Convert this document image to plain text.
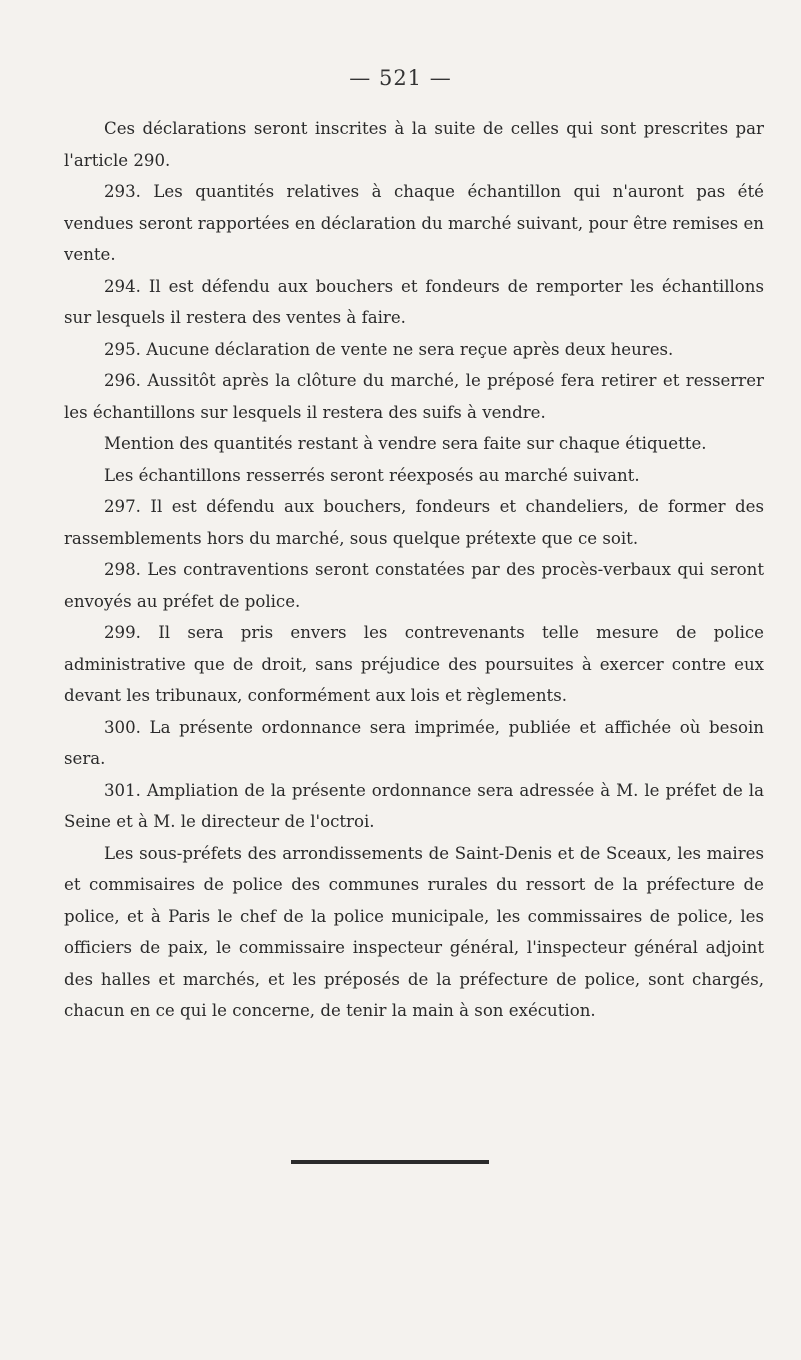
— 521 —

Ces déclarations seront inscrites à la suite de celles qui sont prescrites par l'article 290.

293. Les quantités relatives à chaque échantillon qui n'auront pas été vendues seront rapportées en déclaration du marché suivant, pour être remises en vente.

294. Il est défendu aux bouchers et fondeurs de remporter les échantillons sur lesquels il restera des ventes à faire.

295. Aucune déclaration de vente ne sera reçue après deux heures.

296. Aussitôt après la clôture du marché, le préposé fera retirer et resserrer les échantillons sur lesquels il restera des suifs à vendre.

Mention des quantités restant à vendre sera faite sur chaque étiquette.

Les échantillons resserrés seront réexposés au marché suivant.

297. Il est défendu aux bouchers, fondeurs et chandeliers, de former des rassemblements hors du marché, sous quelque prétexte que ce soit.

298. Les contraventions seront constatées par des procès-verbaux qui seront envoyés au préfet de police.

299. Il sera pris envers les contrevenants telle mesure de police administrative que de droit, sans préjudice des poursuites à exercer contre eux devant les tribunaux, conformément aux lois et règlements.

300. La présente ordonnance sera imprimée, publiée et affichée où besoin sera.

301. Ampliation de la présente ordonnance sera adressée à M. le préfet de la Seine et à M. le directeur de l'octroi.

Les sous-préfets des arrondissements de Saint-Denis et de Sceaux, les maires et commisaires de police des communes rurales du ressort de la préfecture de police, et à Paris le chef de la police municipale, les commissaires de police, les officiers de paix, le commissaire inspecteur général, l'inspecteur général adjoint des halles et marchés, et les préposés de la préfecture de police, sont chargés, chacun en ce qui le concerne, de tenir la main à son exécution.
